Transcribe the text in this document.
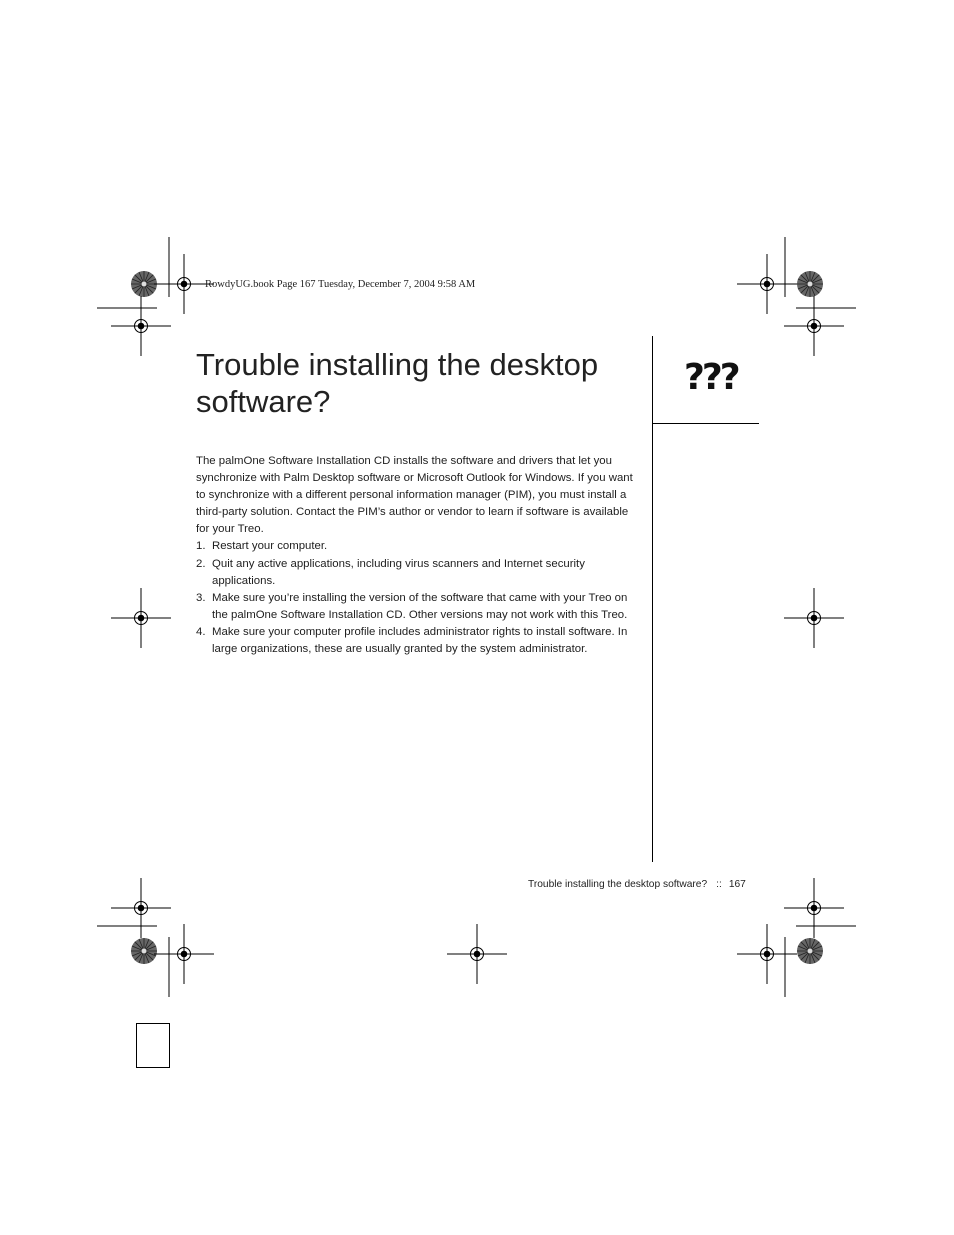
RowdyUG.book Page 167 Tuesday, December 7, 2004 9:58 AM
Trouble installing the desktop software?

The palmOne Software Installation CD installs the software and drivers that let you synchronize with Palm Desktop software or Microsoft Outlook for Windows. If you want to synchronize with a different personal information manager (PIM), you must install a third-party solution. Contact the PIM’s author or vendor to learn if software is available for your Treo.

1. Restart your computer.
2. Quit any active applications, including virus scanners and Internet security applications.
3. Make sure you’re installing the version of the software that came with your Treo on the palmOne Software Installation CD. Other versions may not work with this Treo.
4. Make sure your computer profile includes administrator rights to install software. In large organizations, these are usually granted by the system administrator.
???
Trouble installing the desktop software? :: 167
